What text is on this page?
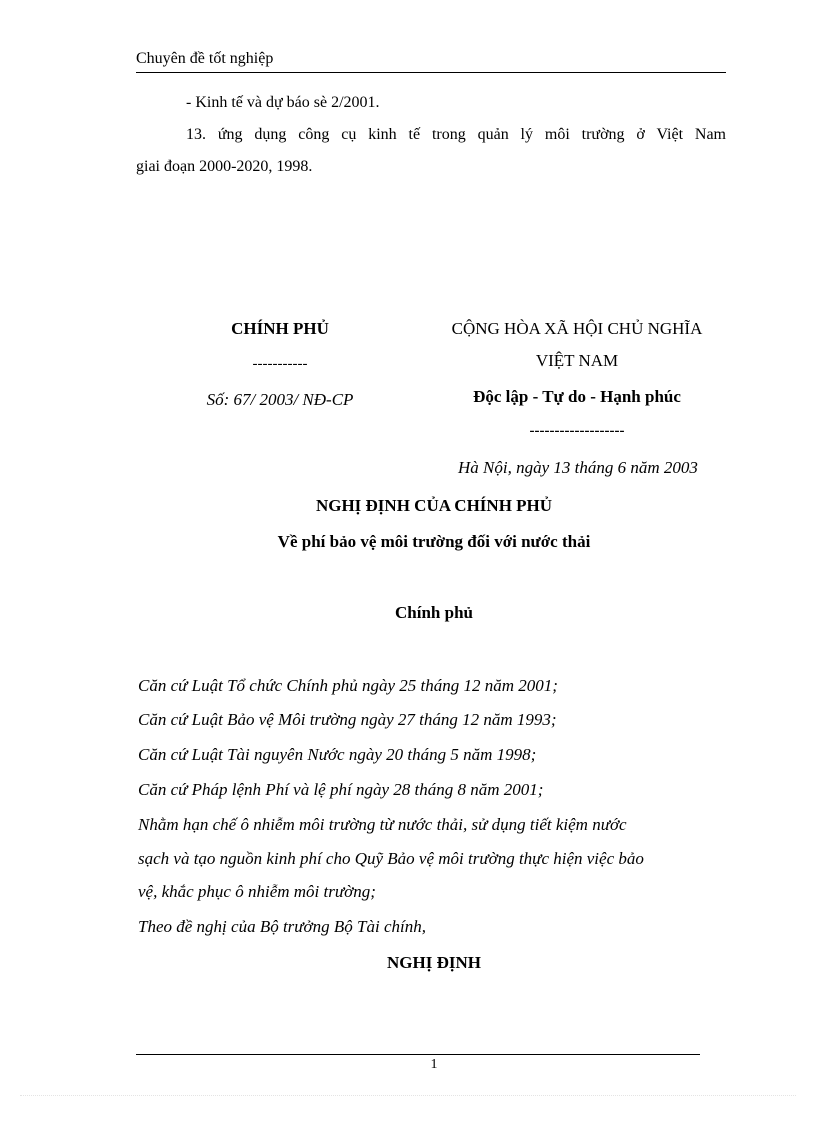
Chuyên đề tốt nghiệp
- Kinh tế và dự báo sè 2/2001.
13. ứng dụng công cụ kinh tế trong quản lý môi trường ở Việt Nam
giai đoạn 2000-2020, 1998.
CHÍNH PHỦ
-----------
Số: 67/ 2003/ NĐ-CP
CỘNG HÒA XÃ HỘI CHỦ NGHĨA
VIỆT NAM
Độc lập - Tự do - Hạnh phúc
-------------------
Hà Nội, ngày 13 tháng 6 năm 2003
NGHỊ ĐỊNH CỦA CHÍNH PHỦ
Về phí bảo vệ môi trường đối với nước thải
Chính phủ
Căn cứ Luật Tổ chức Chính phủ ngày 25 tháng 12 năm 2001;
Căn cứ Luật Bảo vệ Môi trường ngày 27 tháng 12 năm 1993;
Căn cứ Luật Tài nguyên Nước ngày 20 tháng 5 năm 1998;
Căn cứ Pháp lệnh Phí và lệ phí ngày 28 tháng 8 năm 2001;
Nhằm hạn chế ô nhiễm môi trường từ nước thải, sử dụng tiết kiệm nước
sạch và tạo nguồn kinh phí cho Quỹ Bảo vệ môi trường thực hiện việc bảo
vệ, khắc phục ô nhiễm môi trường;
Theo đề nghị của Bộ trưởng Bộ Tài chính,
NGHỊ ĐỊNH
1
